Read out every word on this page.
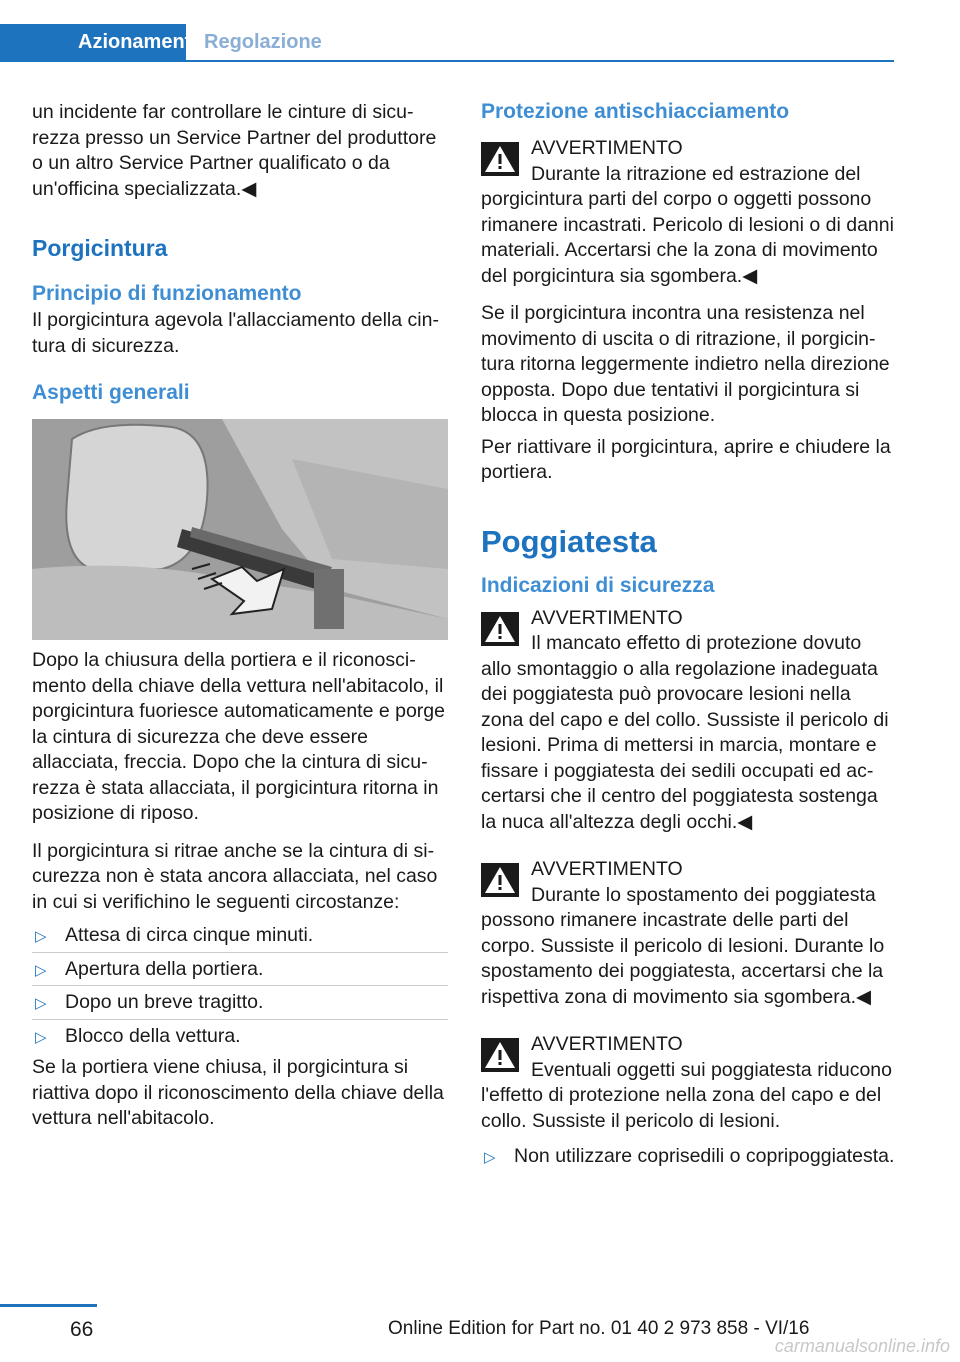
Azionamento Regolazione

un incidente far controllare le cinture di sicurezza presso un Service Partner del produttore o un altro Service Partner qualificato o da un'officina specializzata.◀

Porgicintura
Principio di funzionamento

Il porgicintura agevola l'allacciamento della cintura di sicurezza.

Aspetti generali

Dopo la chiusura della portiera e il riconoscimento della chiave della vettura nell'abitacolo, il porgicintura fuoriesce automaticamente e porge la cintura di sicurezza che deve essere allacciata, freccia. Dopo che la cintura di sicurezza è stata allacciata, il porgicintura ritorna in posizione di riposo.

Il porgicintura si ritrae anche se la cintura di sicurezza non è stata ancora allacciata, nel caso in cui si verifichino le seguenti circostanze:

▷ Attesa di circa cinque minuti.
▷ Apertura della portiera.
▷ Dopo un breve tragitto.
▷ Blocco della vettura.

Se la portiera viene chiusa, il porgicintura si riattiva dopo il riconoscimento della chiave della vettura nell'abitacolo.

Protezione antischiacciamento

AVVERTIMENTO

Durante la ritrazione ed estrazione del porgicintura parti del corpo o oggetti possono rimanere incastrati. Pericolo di lesioni o di danni materiali. Accertarsi che la zona di movimento del porgicintura sia sgombera.◀

Se il porgicintura incontra una resistenza nel movimento di uscita o di ritrazione, il porgicintura ritorna leggermente indietro nella direzione opposta. Dopo due tentativi il porgicintura si blocca in questa posizione.

Per riattivare il porgicintura, aprire e chiudere la portiera.

Poggiatesta
Indicazioni di sicurezza

AVVERTIMENTO

Il mancato effetto di protezione dovuto allo smontaggio o alla regolazione inadeguata dei poggiatesta può provocare lesioni nella zona del capo e del collo. Sussiste il pericolo di lesioni. Prima di mettersi in marcia, montare e fissare i poggiatesta dei sedili occupati ed accertarsi che il centro del poggiatesta sostenga la nuca all'altezza degli occhi.◀

AVVERTIMENTO

Durante lo spostamento dei poggiatesta possono rimanere incastrate delle parti del corpo. Sussiste il pericolo di lesioni. Durante lo spostamento dei poggiatesta, accertarsi che la rispettiva zona di movimento sia sgombera.◀

AVVERTIMENTO

Eventuali oggetti sui poggiatesta riducono l'effetto di protezione nella zona del capo e del collo. Sussiste il pericolo di lesioni.

▷ Non utilizzare coprisedili o copripoggiatesta.
66	Online Edition for Part no. 01 40 2 973 858 - VI/16
carmanualsonline.info
